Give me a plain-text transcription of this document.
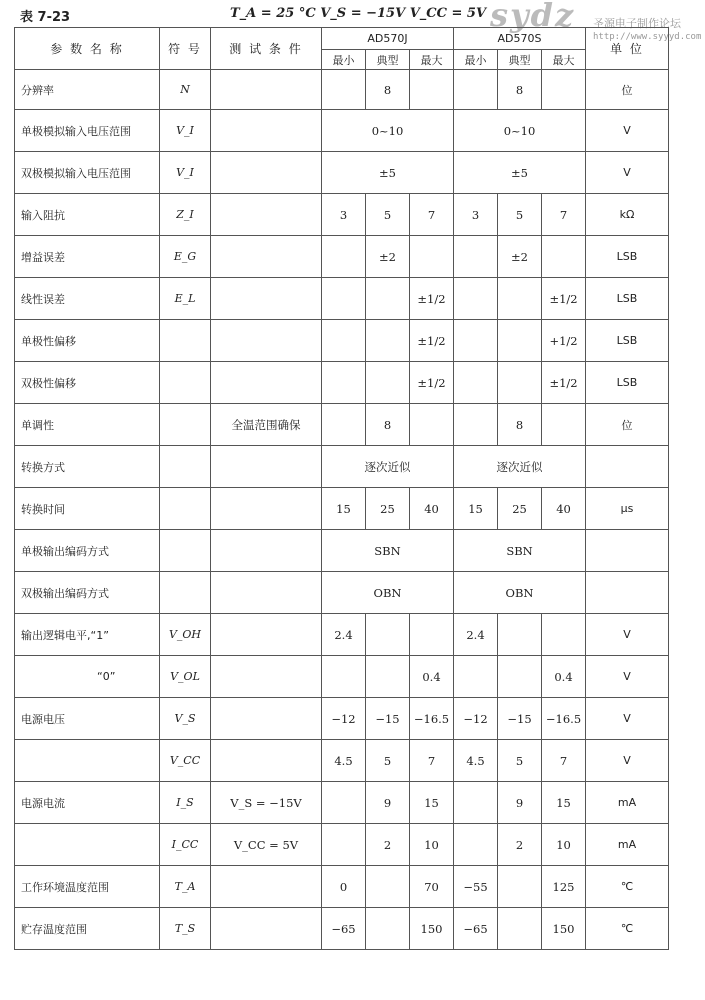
表 7-23	T_A = 25 °C V_S = −15V V_CC = 5V sydz 圣源电子制作论坛
http://www.syyyd.com
参 数 名 称	符 号	测 试 条 件	AD570J			AD570S			单 位
			最小	典型	最大	最小	典型	最大	
分辨率	N			8			8		位
单极模拟输入电压范围	V_I		0~10			0~10			V
双极模拟输入电压范围	V_I		±5			±5			V
输入阻抗	Z_I		3	5	7	3	5	7	kΩ
增益误差	E_G			±2			±2		LSB
线性误差	E_L				±1/2			±1/2	LSB
单极性偏移					±1/2			+1/2	LSB
双极性偏移					±1/2			±1/2	LSB
单调性		全温范围确保		8			8		位
转换方式			逐次近似			逐次近似			
转换时间			15	25	40	15	25	40	μs
单极输出编码方式			SBN			SBN			
双极输出编码方式			OBN			OBN			
输出逻辑电平,“1”	V_OH		2.4			2.4			V
“0”	V_OL				0.4			0.4	V
电源电压	V_S		−12	−15	−16.5	−12	−15	−16.5	V
	V_CC		4.5	5	7	4.5	5	7	V
电源电流	I_S	V_S = −15V		9	15		9	15	mA
	I_CC	V_CC = 5V		2	10		2	10	mA
工作环境温度范围	T_A		0		70	−55		125	℃
贮存温度范围	T_S		−65		150	−65		150	℃
